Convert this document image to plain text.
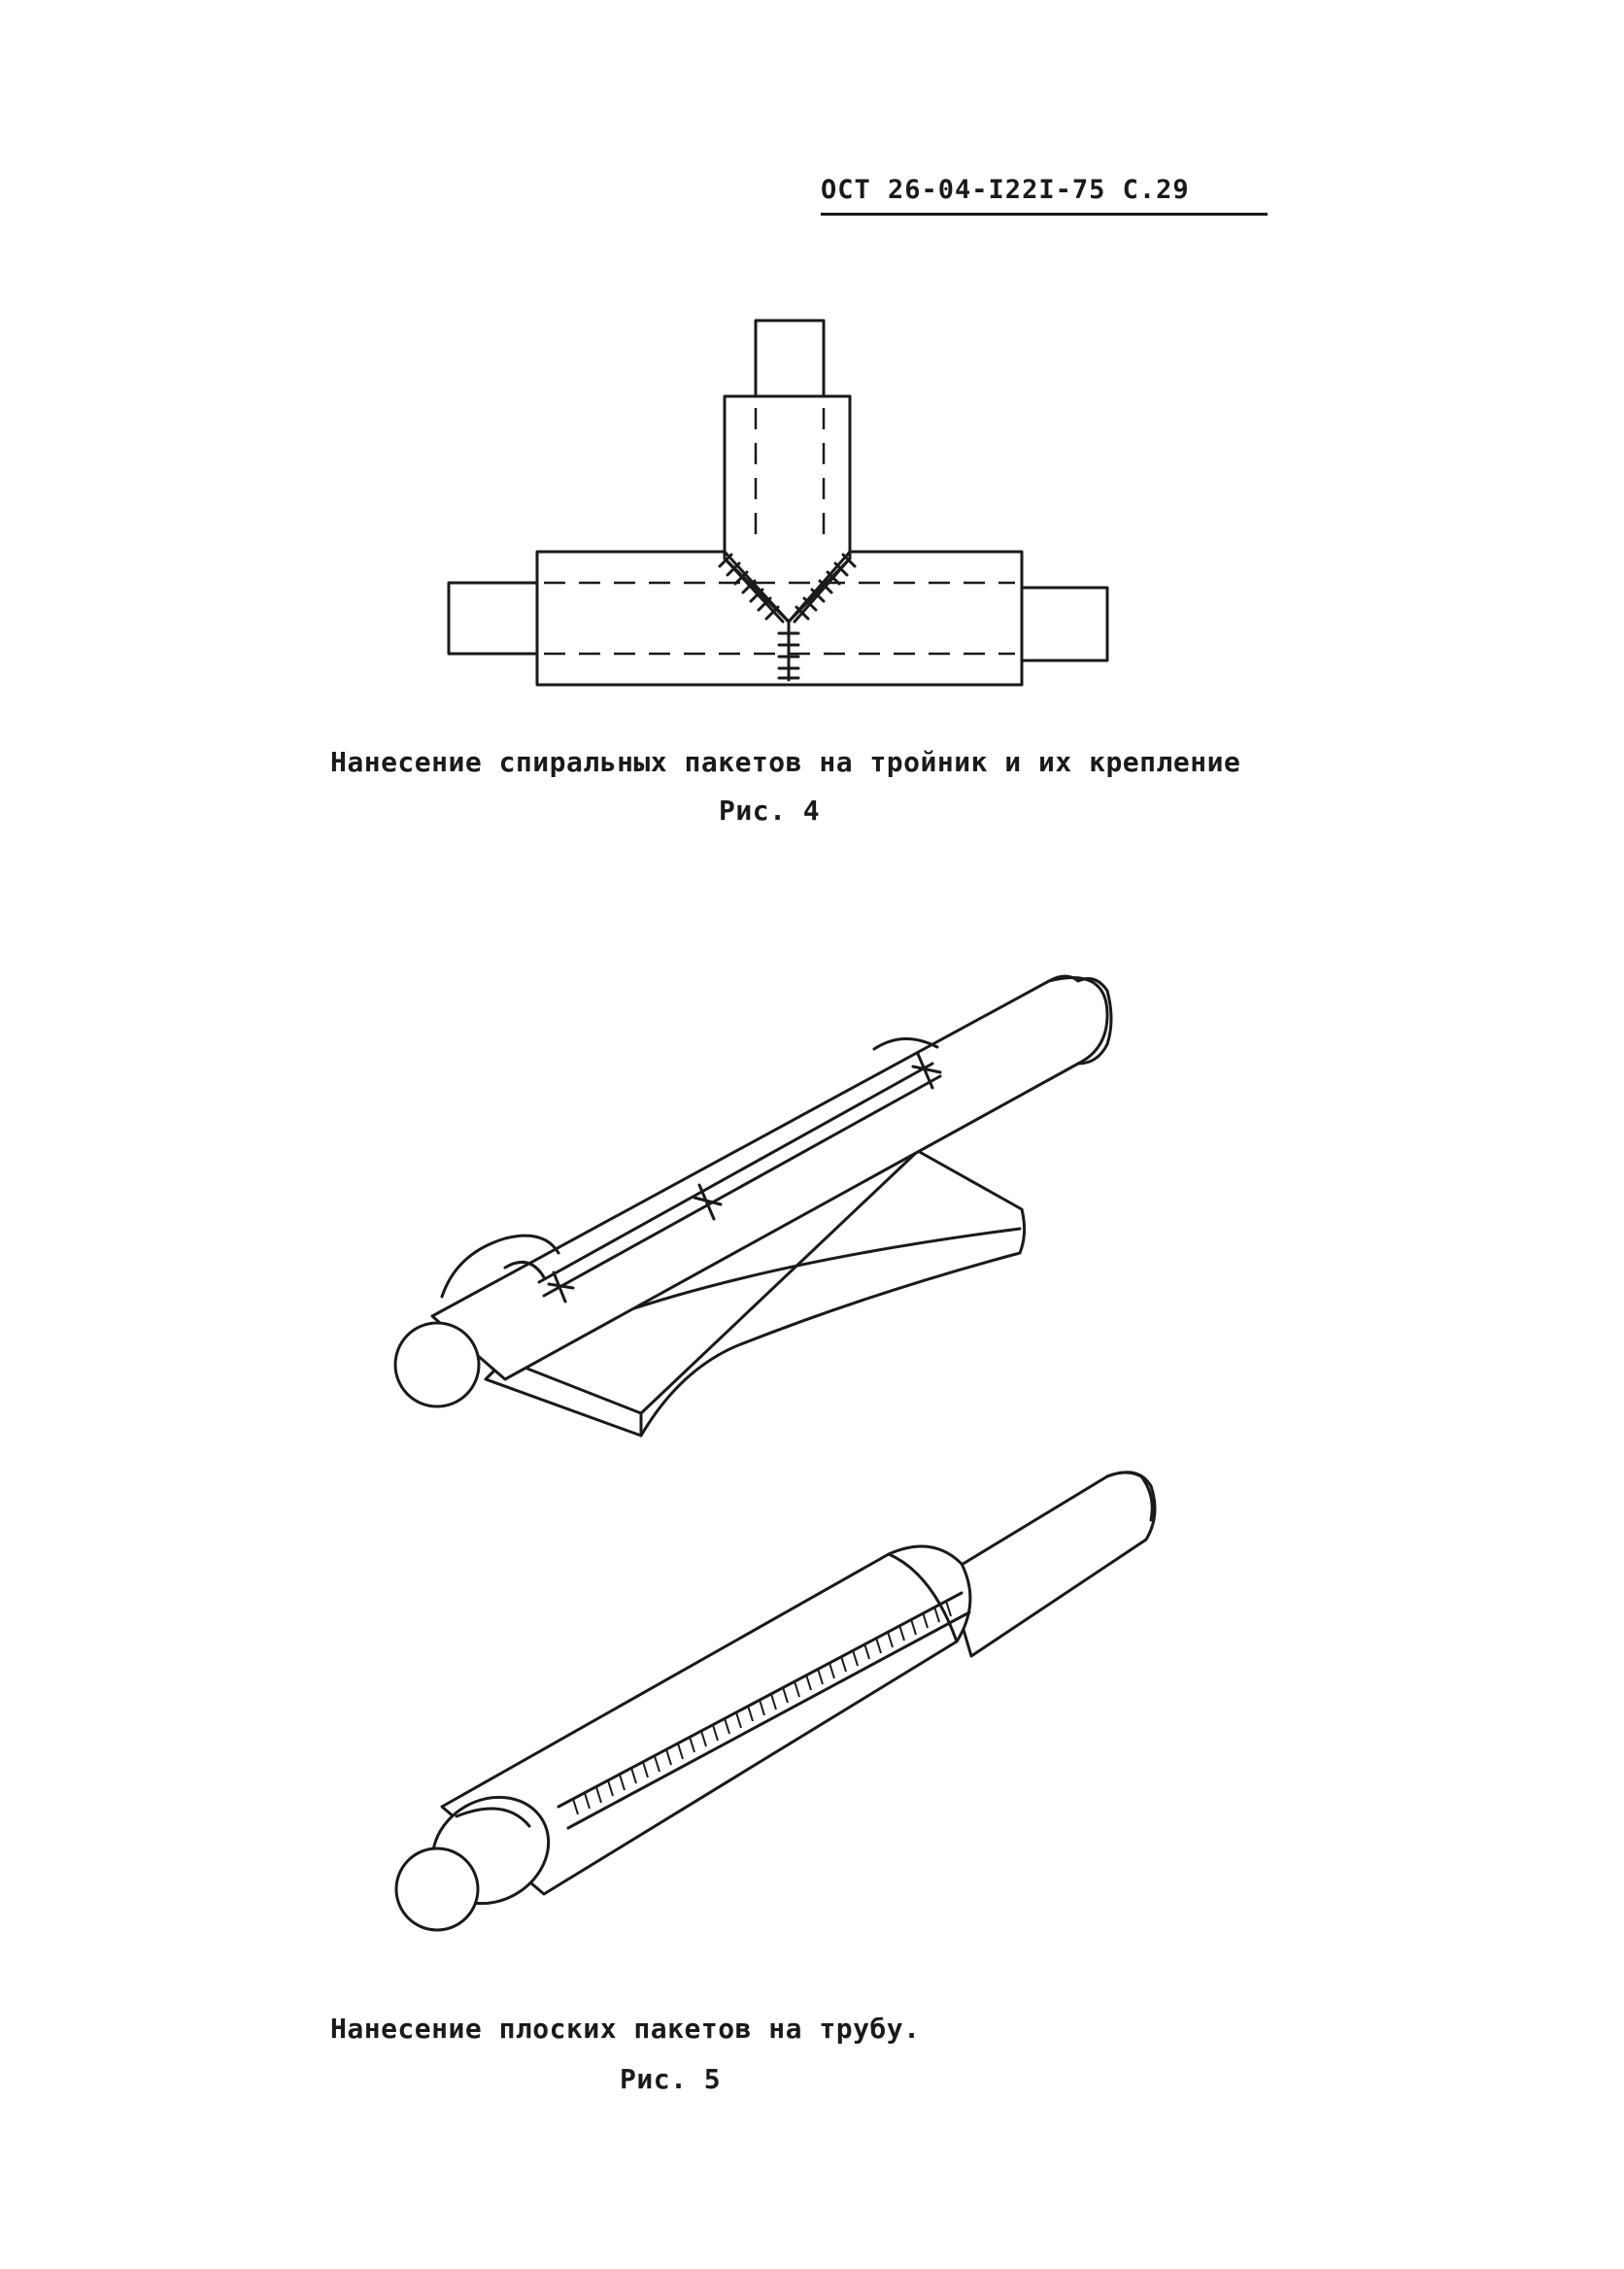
ОСТ 26-04-I22I-75 С.29
Нанесение спиральных пакетов на тройник и их крепление
Рис. 4
Нанесение плоских пакетов на трубу.
Рис. 5
